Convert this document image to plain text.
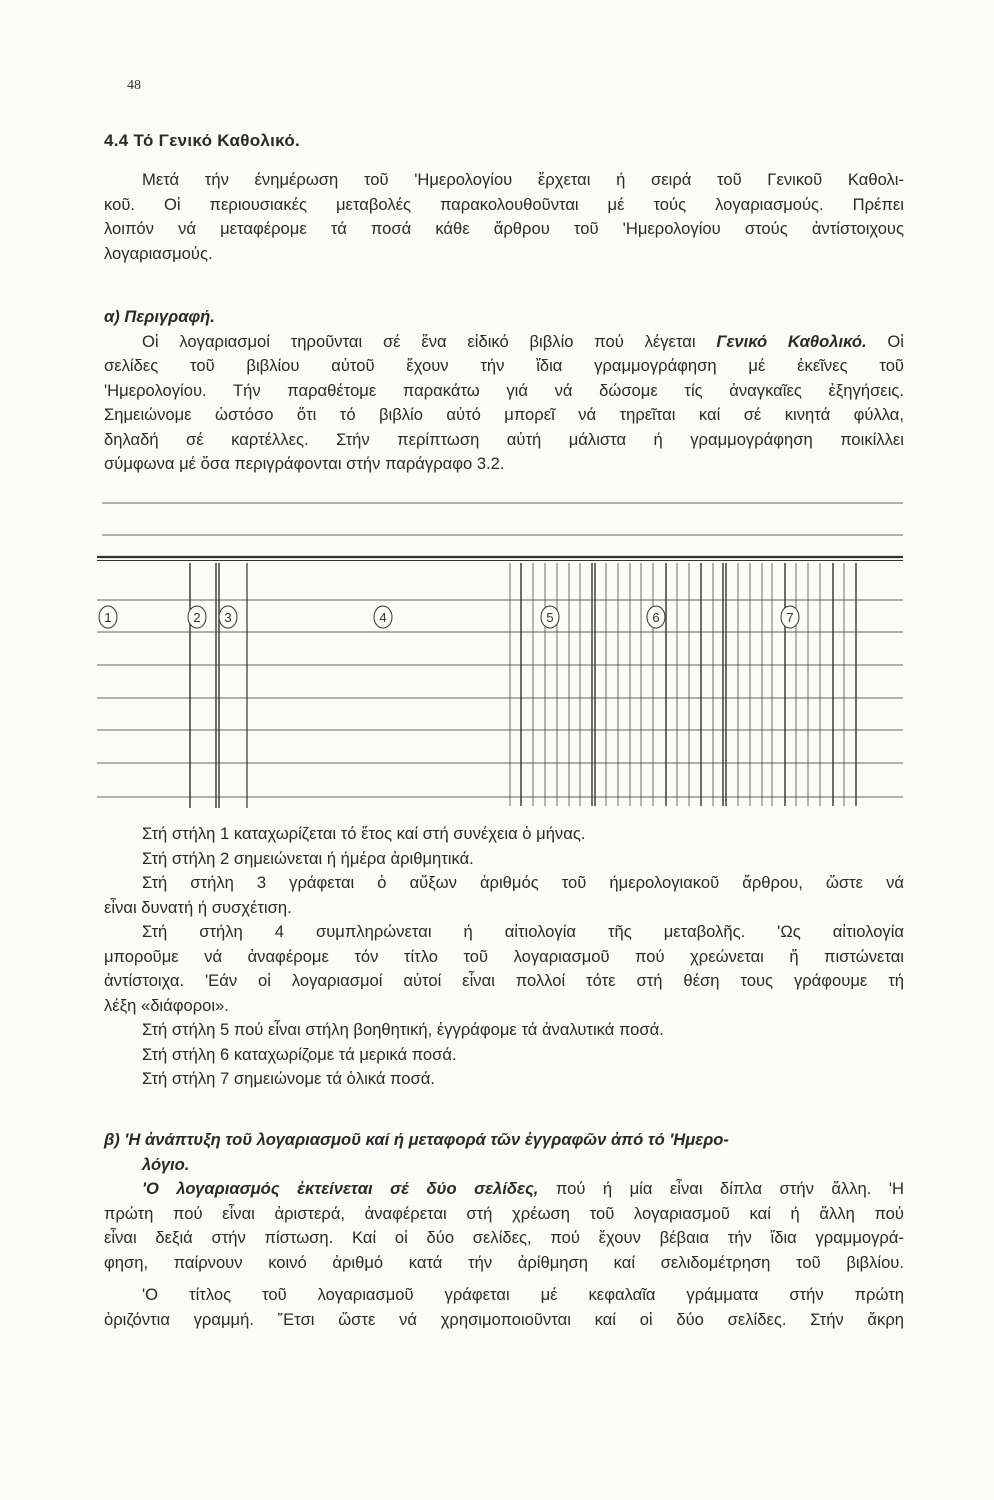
48
4.4 Τό Γενικό Καθολικό.
Μετά τήν ένημέρωση τοῦ 'Ημερολογίου ἔρχεται ή σειρά τοῦ Γενικοῦ Καθολι-
κοῦ. Οἱ περιουσιακές μεταβολές παρακολουθοῦνται μέ τούς λογαριασμούς. Πρέπει
λοιπόν νά μεταφέρομε τά ποσά κάθε ἄρθρου τοῦ 'Ημερολογίου στούς ἀντίστοιχους
λογαριασμούς.
α) Περιγραφή.
Οἱ λογαριασμοί τηροῦνται σέ ἕνα εἰδικό βιβλίο πού λέγεται Γενικό Καθολικό. Οἱ
σελίδες τοῦ βιβλίου αὐτοῦ ἔχουν τήν ἴδια γραμμογράφηση μέ ἐκεῖνες τοῦ
'Ημερολογίου. Τήν παραθέτομε παρακάτω γιά νά δώσομε τίς ἀναγκαῖες ἐξηγήσεις.
Σημειώνομε ὡστόσο ὅτι τό βιβλίο αὐτό μπορεῖ νά τηρεῖται καί σέ κινητά φύλλα,
δηλαδή σέ καρτέλλες. Στήν περίπτωση αὐτή μάλιστα ή γραμμογράφηση ποικίλλει
σύμφωνα μέ ὅσα περιγράφονται στήν παράγραφο 3.2.
1	2 3	4	5	6	7
Στή στήλη 1 καταχωρίζεται τό ἔτος καί στή συνέχεια ὁ μήνας.
Στή στήλη 2 σημειώνεται ή ήμέρα ἀριθμητικά.
Στή στήλη 3 γράφεται ὁ αὔξων ἀριθμός τοῦ ήμερολογιακοῦ ἄρθρου, ὥστε νά
εἶναι δυνατή ή συσχέτιση.
Στή στήλη 4 συμπληρώνεται ή αἰτιολογία τῆς μεταβολῆς. 'Ως αἰτιολογία
μποροῦμε νά ἀναφέρομε τόν τίτλο τοῦ λογαριασμοῦ πού χρεώνεται ἤ πιστώνεται
ἀντίστοιχα. 'Εάν οἱ λογαριασμοί αὐτοί εἶναι πολλοί τότε στή θέση τους γράφουμε τή
λέξη «διάφοροι».
Στή στήλη 5 πού εἶναι στήλη βοηθητική, ἐγγράφομε τά ἀναλυτικά ποσά.
Στή στήλη 6 καταχωρίζομε τά μερικά ποσά.
Στή στήλη 7 σημειώνομε τά ὁλικά ποσά.
β) 'Η ἀνάπτυξη τοῦ λογαριασμοῦ καί ή μεταφορά τῶν ἐγγραφῶν ἀπό τό 'Ημερο-
λόγιο.
'Ο λογαριασμός ἐκτείνεται σέ δύο σελίδες, πού ή μία εἶναι δίπλα στήν ἄλλη. 'Η
πρώτη πού εἶναι ἀριστερά, ἀναφέρεται στή χρέωση τοῦ λογαριασμοῦ καί ή ἄλλη πού
εἶναι δεξιά στήν πίστωση. Καί οἱ δύο σελίδες, πού ἔχουν βέβαια τήν ἴδια γραμμογρά-
φηση, παίρνουν κοινό ἀριθμό κατά τήν ἀρίθμηση καί σελιδομέτρηση τοῦ βιβλίου.
'Ο τίτλος τοῦ λογαριασμοῦ γράφεται μέ κεφαλαῖα γράμματα στήν πρώτη
ὁριζόντια γραμμή. ῎Ετσι ὥστε νά χρησιμοποιοῦνται καί οἱ δύο σελίδες. Στήν ἄκρη
